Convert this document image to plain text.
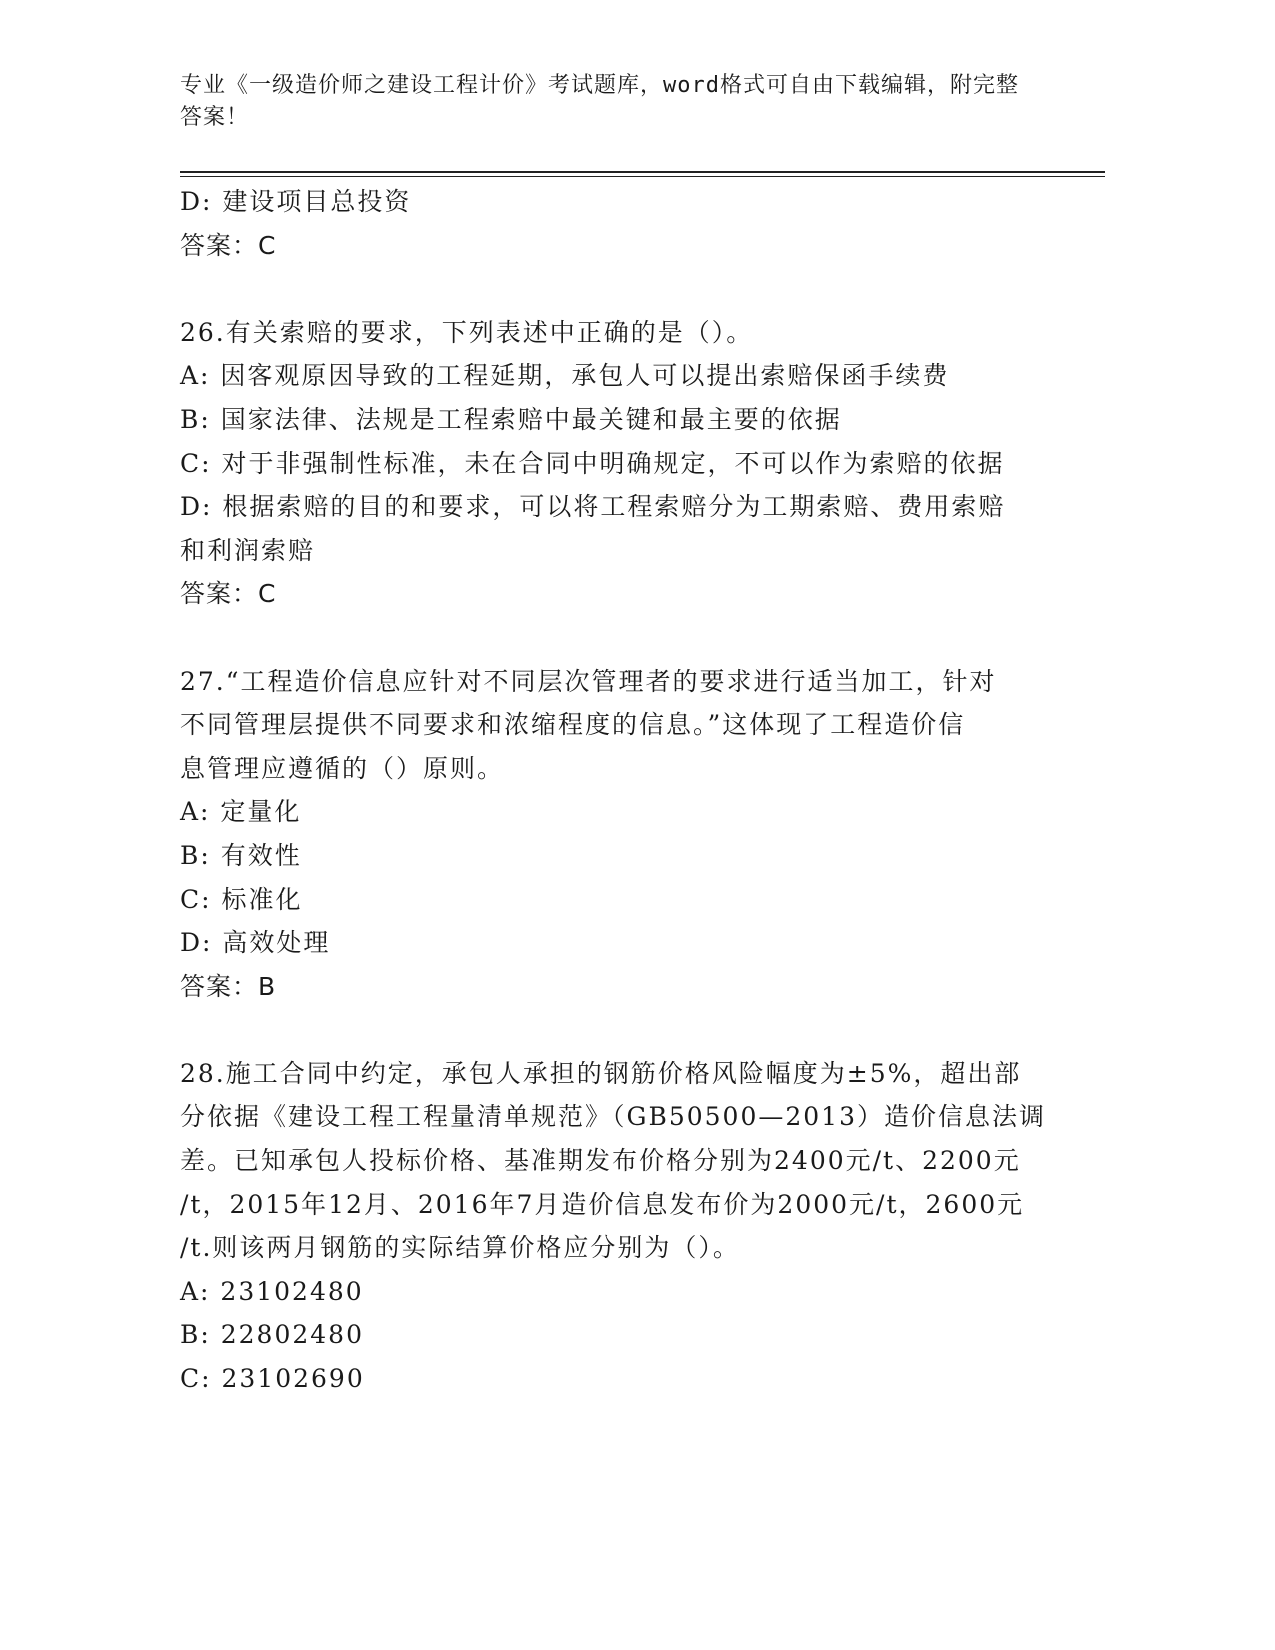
专业《一级造价师之建设工程计价》考试题库，word格式可自由下载编辑，附完整答案！
D: 建设项目总投资
答案：C
26.有关索赔的要求，下列表述中正确的是（）。
A: 因客观原因导致的工程延期，承包人可以提出索赔保函手续费
B: 国家法律、法规是工程索赔中最关键和最主要的依据
C: 对于非强制性标准，未在合同中明确规定，不可以作为索赔的依据
D: 根据索赔的目的和要求，可以将工程索赔分为工期索赔、费用索赔
和利润索赔
答案：C
27.“工程造价信息应针对不同层次管理者的要求进行适当加工，针对
不同管理层提供不同要求和浓缩程度的信息。”这体现了工程造价信
息管理应遵循的（）原则。
A: 定量化
B: 有效性
C: 标准化
D: 高效处理
答案：B
28.施工合同中约定，承包人承担的钢筋价格风险幅度为±5%，超出部
分依据《建设工程工程量清单规范》（GB50500—2013）造价信息法调
差。已知承包人投标价格、基准期发布价格分别为2400元/t、2200元
/t，2015年12月、2016年7月造价信息发布价为2000元/t，2600元
/t.则该两月钢筋的实际结算价格应分别为（）。
A: 23102480
B: 22802480
C: 23102690
